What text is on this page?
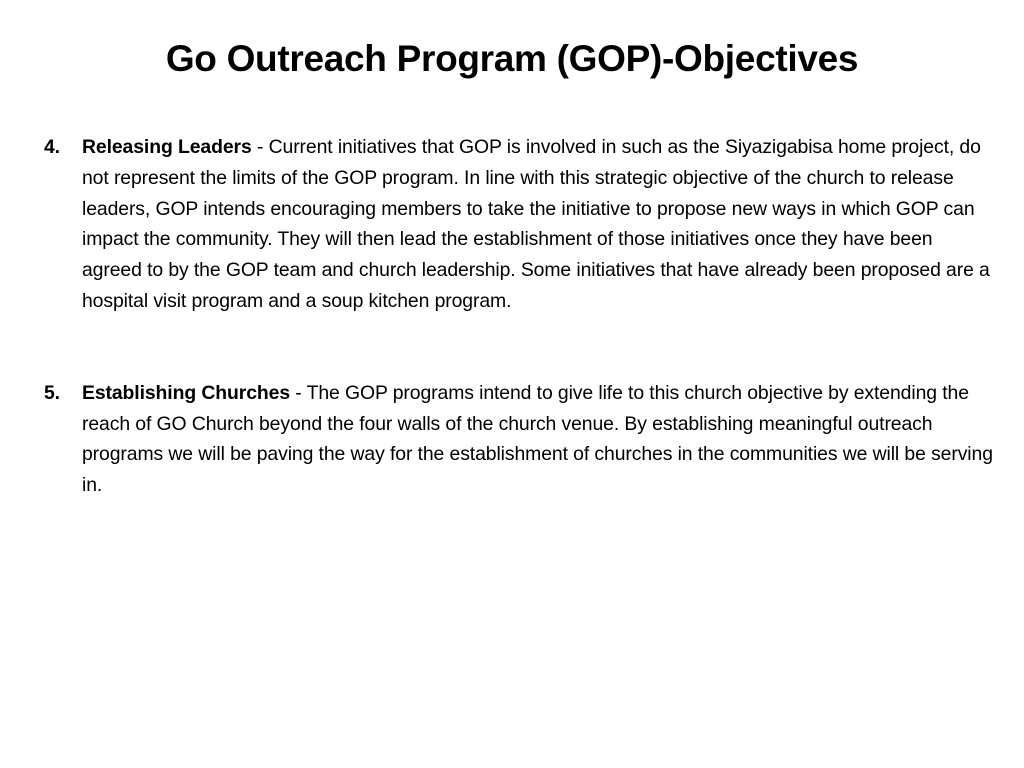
Go Outreach Program (GOP)-Objectives
4. Releasing Leaders - Current initiatives that GOP is involved in such as the Siyazigabisa home project, do not represent the limits of the GOP program. In line with this strategic objective of the church to release leaders, GOP intends encouraging members to take the initiative to propose new ways in which GOP can impact the community. They will then lead the establishment of those initiatives once they have been agreed to by the GOP team and church leadership. Some initiatives that have already been proposed are a hospital visit program and a soup kitchen program.
5. Establishing Churches - The GOP programs intend to give life to this church objective by extending the reach of GO Church beyond the four walls of the church venue. By establishing meaningful outreach programs we will be paving the way for the establishment of churches in the communities we will be serving in.
